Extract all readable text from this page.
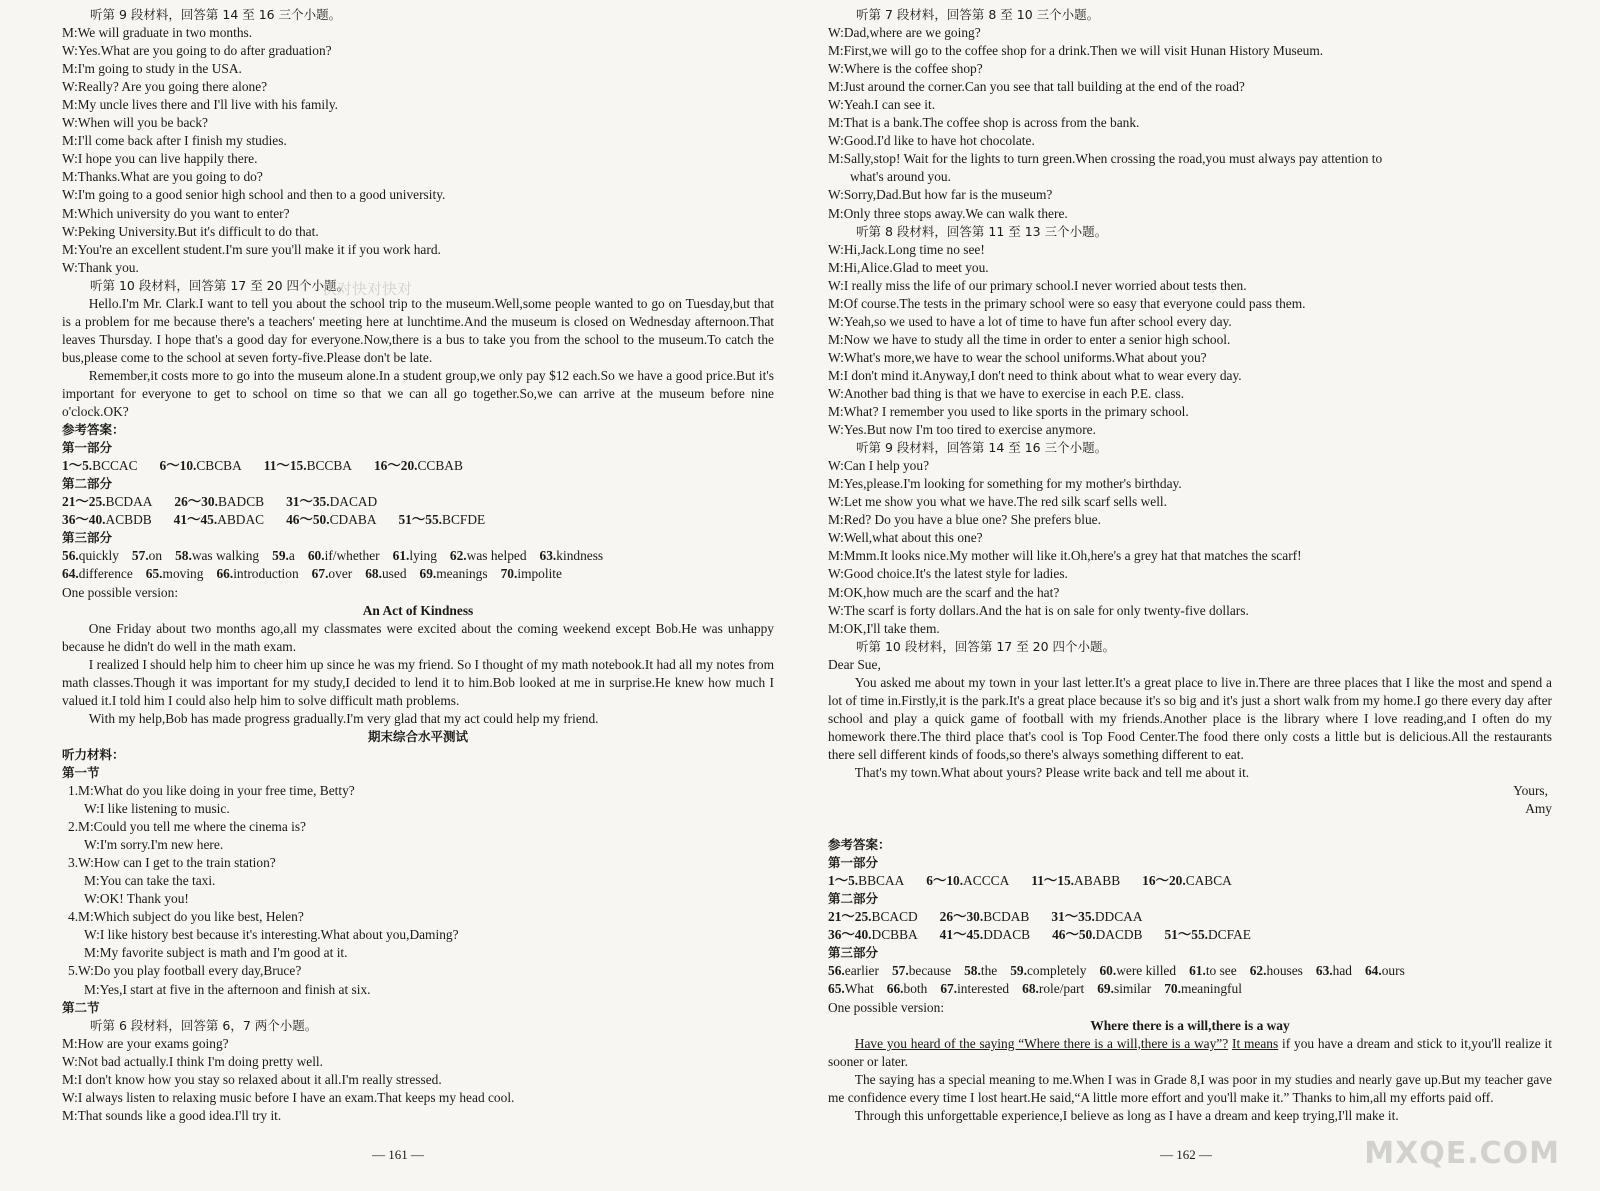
听第 9 段材料，回答第 14 至 16 三个小题。
M:We will graduate in two months.
W:Yes.What are you going to do after graduation?
M:I'm going to study in the USA.
W:Really? Are you going there alone?
M:My uncle lives there and I'll live with his family.
W:When will you be back?
M:I'll come back after I finish my studies.
W:I hope you can live happily there.
M:Thanks.What are you going to do?
W:I'm going to a good senior high school and then to a good university.
M:Which university do you want to enter?
W:Peking University.But it's difficult to do that.
M:You're an excellent student.I'm sure you'll make it if you work hard.
W:Thank you.
听第 10 段材料，回答第 17 至 20 四个小题。
Hello.I'm Mr. Clark.I want to tell you about the school trip to the museum.Well,some people wanted to go on Tuesday,but that is a problem for me because there's a teachers' meeting here at lunchtime.And the museum is closed on Wednesday afternoon.That leaves Thursday. I hope that's a good day for everyone.Now,there is a bus to take you from the school to the museum.To catch the bus,please come to the school at seven forty-five.Please don't be late.
Remember,it costs more to go into the museum alone.In a student group,we only pay $12 each.So we have a good price.But it's important for everyone to get to school on time so that we can all go together.So,we can arrive at the museum before nine o'clock.OK?
参考答案：
第一部分
1～5.BCCAC 6～10.CBCBA 11～15.BCCBA 16～20.CCBAB
第二部分
21～25.BCDAA 26～30.BADCB 31～35.DACAD
36～40.ACBDB 41～45.ABDAC 46～50.CDABA 51～55.BCFDE
第三部分
56.quickly 57.on 58.was walking 59.a 60.if/whether 61.lying 62.was helped 63.kindness
64.difference 65.moving 66.introduction 67.over 68.used 69.meanings 70.impolite
One possible version:
An Act of Kindness
One Friday about two months ago,all my classmates were excited about the coming weekend except Bob.He was unhappy because he didn't do well in the math exam.
I realized I should help him to cheer him up since he was my friend. So I thought of my math notebook.It had all my notes from math classes.Though it was important for my study,I decided to lend it to him.Bob looked at me in surprise.He knew how much I valued it.I told him I could also help him to solve difficult math problems.
With my help,Bob has made progress gradually.I'm very glad that my act could help my friend.
期末综合水平测试
听力材料：
第一节
1.M:What do you like doing in your free time, Betty?
W:I like listening to music.
2.M:Could you tell me where the cinema is?
W:I'm sorry.I'm new here.
3.W:How can I get to the train station?
M:You can take the taxi.
W:OK! Thank you!
4.M:Which subject do you like best, Helen?
W:I like history best because it's interesting.What about you,Daming?
M:My favorite subject is math and I'm good at it.
5.W:Do you play football every day,Bruce?
M:Yes,I start at five in the afternoon and finish at six.
第二节
听第 6 段材料，回答第 6，7 两个小题。
M:How are your exams going?
W:Not bad actually.I think I'm doing pretty well.
M:I don't know how you stay so relaxed about it all.I'm really stressed.
W:I always listen to relaxing music before I have an exam.That keeps my head cool.
M:That sounds like a good idea.I'll try it.
快对快对快对
— 161 —
听第 7 段材料，回答第 8 至 10 三个小题。
W:Dad,where are we going?
M:First,we will go to the coffee shop for a drink.Then we will visit Hunan History Museum.
W:Where is the coffee shop?
M:Just around the corner.Can you see that tall building at the end of the road?
W:Yeah.I can see it.
M:That is a bank.The coffee shop is across from the bank.
W:Good.I'd like to have hot chocolate.
M:Sally,stop! Wait for the lights to turn green.When crossing the road,you must always pay attention to
what's around you.
W:Sorry,Dad.But how far is the museum?
M:Only three stops away.We can walk there.
听第 8 段材料，回答第 11 至 13 三个小题。
W:Hi,Jack.Long time no see!
M:Hi,Alice.Glad to meet you.
W:I really miss the life of our primary school.I never worried about tests then.
M:Of course.The tests in the primary school were so easy that everyone could pass them.
W:Yeah,so we used to have a lot of time to have fun after school every day.
M:Now we have to study all the time in order to enter a senior high school.
W:What's more,we have to wear the school uniforms.What about you?
M:I don't mind it.Anyway,I don't need to think about what to wear every day.
W:Another bad thing is that we have to exercise in each P.E. class.
M:What? I remember you used to like sports in the primary school.
W:Yes.But now I'm too tired to exercise anymore.
听第 9 段材料，回答第 14 至 16 三个小题。
W:Can I help you?
M:Yes,please.I'm looking for something for my mother's birthday.
W:Let me show you what we have.The red silk scarf sells well.
M:Red? Do you have a blue one? She prefers blue.
W:Well,what about this one?
M:Mmm.It looks nice.My mother will like it.Oh,here's a grey hat that matches the scarf!
W:Good choice.It's the latest style for ladies.
M:OK,how much are the scarf and the hat?
W:The scarf is forty dollars.And the hat is on sale for only twenty-five dollars.
M:OK,I'll take them.
听第 10 段材料，回答第 17 至 20 四个小题。
Dear Sue,
You asked me about my town in your last letter.It's a great place to live in.There are three places that I like the most and spend a lot of time in.Firstly,it is the park.It's a great place because it's so big and it's just a short walk from my home.I go there every day after school and play a quick game of football with my friends.Another place is the library where I love reading,and I often do my homework there.The third place that's cool is Top Food Center.The food there only costs a little but is delicious.All the restaurants there sell different kinds of foods,so there's always something different to eat.
That's my town.What about yours? Please write back and tell me about it.
Yours,
Amy
参考答案：
第一部分
1～5.BBCAA 6～10.ACCCA 11～15.ABABB 16～20.CABCA
第二部分
21～25.BCACD 26～30.BCDAB 31～35.DDCAA
36～40.DCBBA 41～45.DDACB 46～50.DACDB 51～55.DCFAE
第三部分
56.earlier 57.because 58.the 59.completely 60.were killed 61.to see 62.houses 63.had 64.ours
65.What 66.both 67.interested 68.role/part 69.similar 70.meaningful
One possible version:
Where there is a will,there is a way
Have you heard of the saying “Where there is a will,there is a way”? It means if you have a dream and stick to it,you'll realize it sooner or later.
The saying has a special meaning to me.When I was in Grade 8,I was poor in my studies and nearly gave up.But my teacher gave me confidence every time I lost heart.He said,“A little more effort and you'll make it.” Thanks to him,all my efforts paid off.
Through this unforgettable experience,I believe as long as I have a dream and keep trying,I'll make it.
— 162 —	MXQE.COM
